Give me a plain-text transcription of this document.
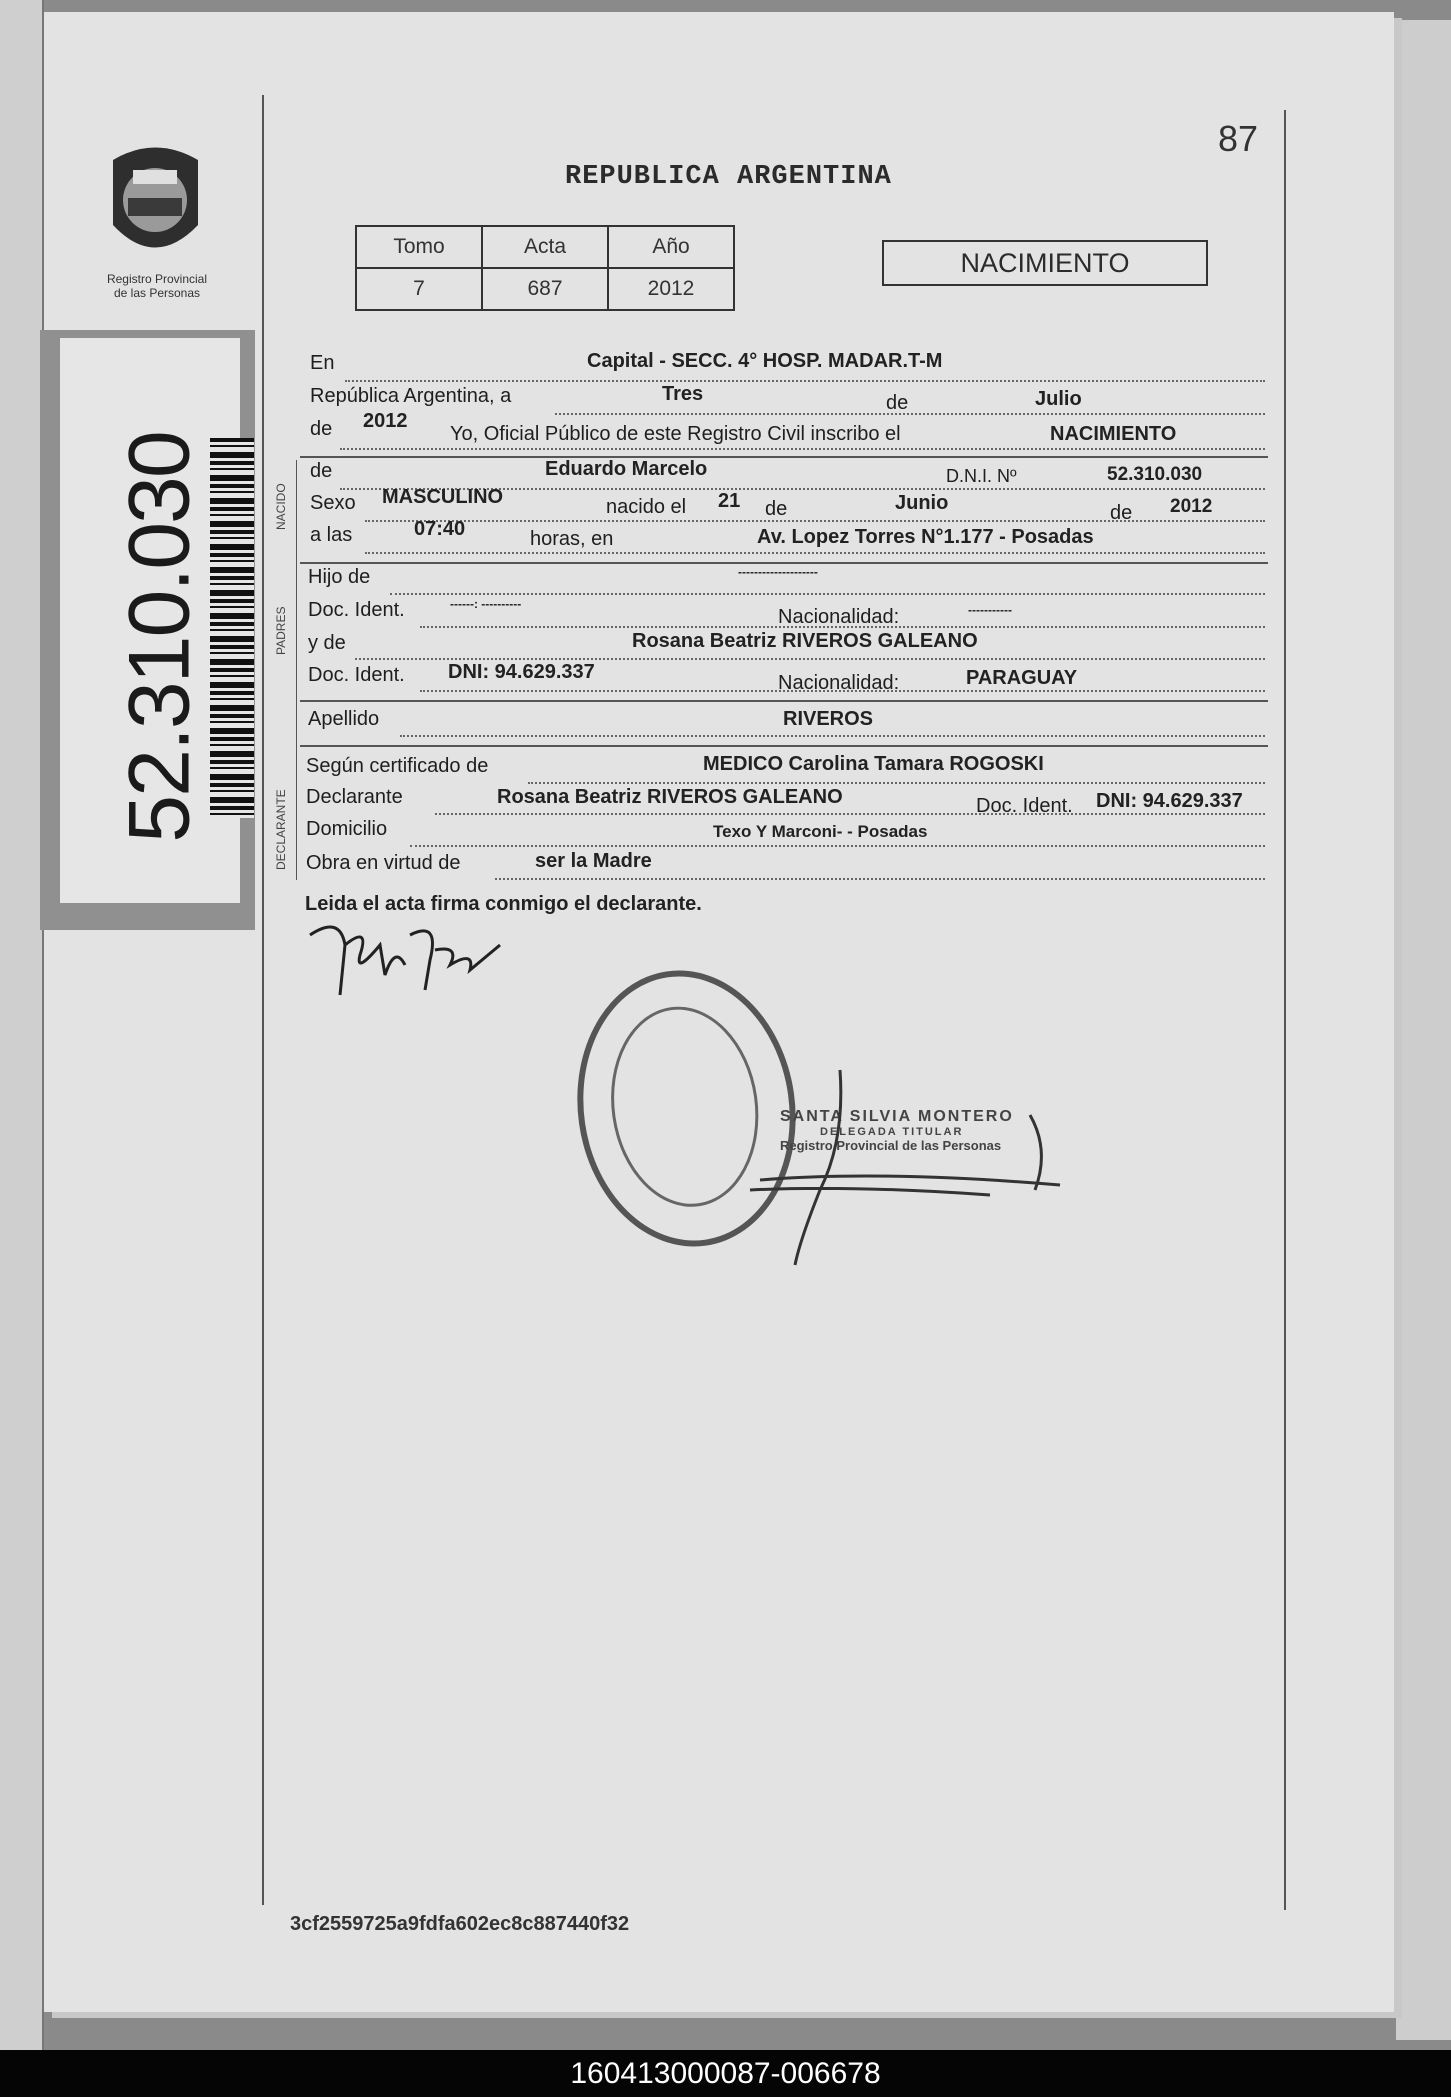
Registro Provincial
de las Personas
52.310.030
87
REPUBLICA ARGENTINA
Tomo	Acta	Año
7	687	2012
NACIMIENTO
NACIDO
PADRES
DECLARANTE
En	Capital - SECC. 4° HOSP. MADAR.T-M
República Argentina, a	Tres	de	Julio
de 2012
Yo, Oficial Público de este Registro Civil inscribo el	NACIMIENTO
de	Eduardo Marcelo	D.N.I. Nº	52.310.030
Sexo MASCULINO	nacido el 21 de	Junio	de 2012
a las	07:40	horas, en	Av. Lopez Torres N°1.177 - Posadas
Hijo de	--------------------
Doc. Ident.	------: ----------
Nacionalidad:	-----------
y de	Rosana Beatriz RIVEROS GALEANO
Doc. Ident. DNI: 94.629.337	Nacionalidad:	PARAGUAY
Apellido	RIVEROS
Según certificado de	MEDICO Carolina Tamara ROGOSKI
Declarante	Rosana Beatriz RIVEROS GALEANO	Doc. Ident. DNI: 94.629.337
Domicilio	Texo Y Marconi- - Posadas
Obra en virtud de	ser la Madre
Leida el acta firma conmigo el declarante.
SANTA SILVIA MONTERO
DELEGADA TITULAR
Registro Provincial de las Personas
3cf2559725a9fdfa602ec8c887440f32
160413000087-006678
